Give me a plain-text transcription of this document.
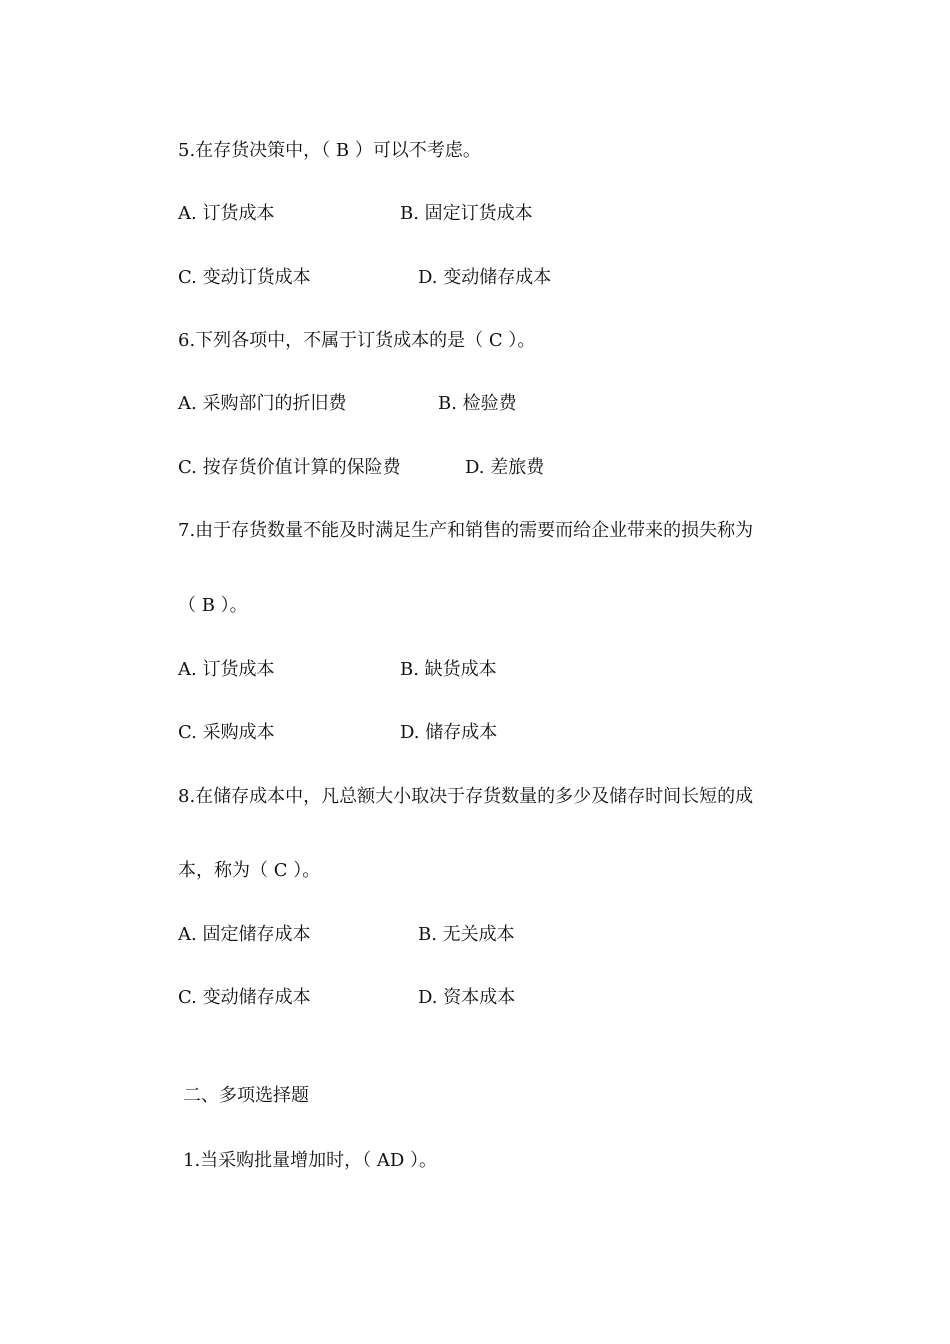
5.在存货决策中，（ B ）可以不考虑。
A. 订货成本	B. 固定订货成本
C. 变动订货成本	D. 变动储存成本
6.下列各项中，不属于订货成本的是（ C ）。
A. 采购部门的折旧费	B. 检验费
C. 按存货价值计算的保险费	D. 差旅费
7.由于存货数量不能及时满足生产和销售的需要而给企业带来的损失称为
（ B ）。
A. 订货成本	B. 缺货成本
C. 采购成本	D. 储存成本
8.在储存成本中，凡总额大小取决于存货数量的多少及储存时间长短的成
本，称为（ C ）。
A. 固定储存成本	B. 无关成本
C. 变动储存成本	D. 资本成本
二、多项选择题
1.当采购批量增加时，（ AD ）。
